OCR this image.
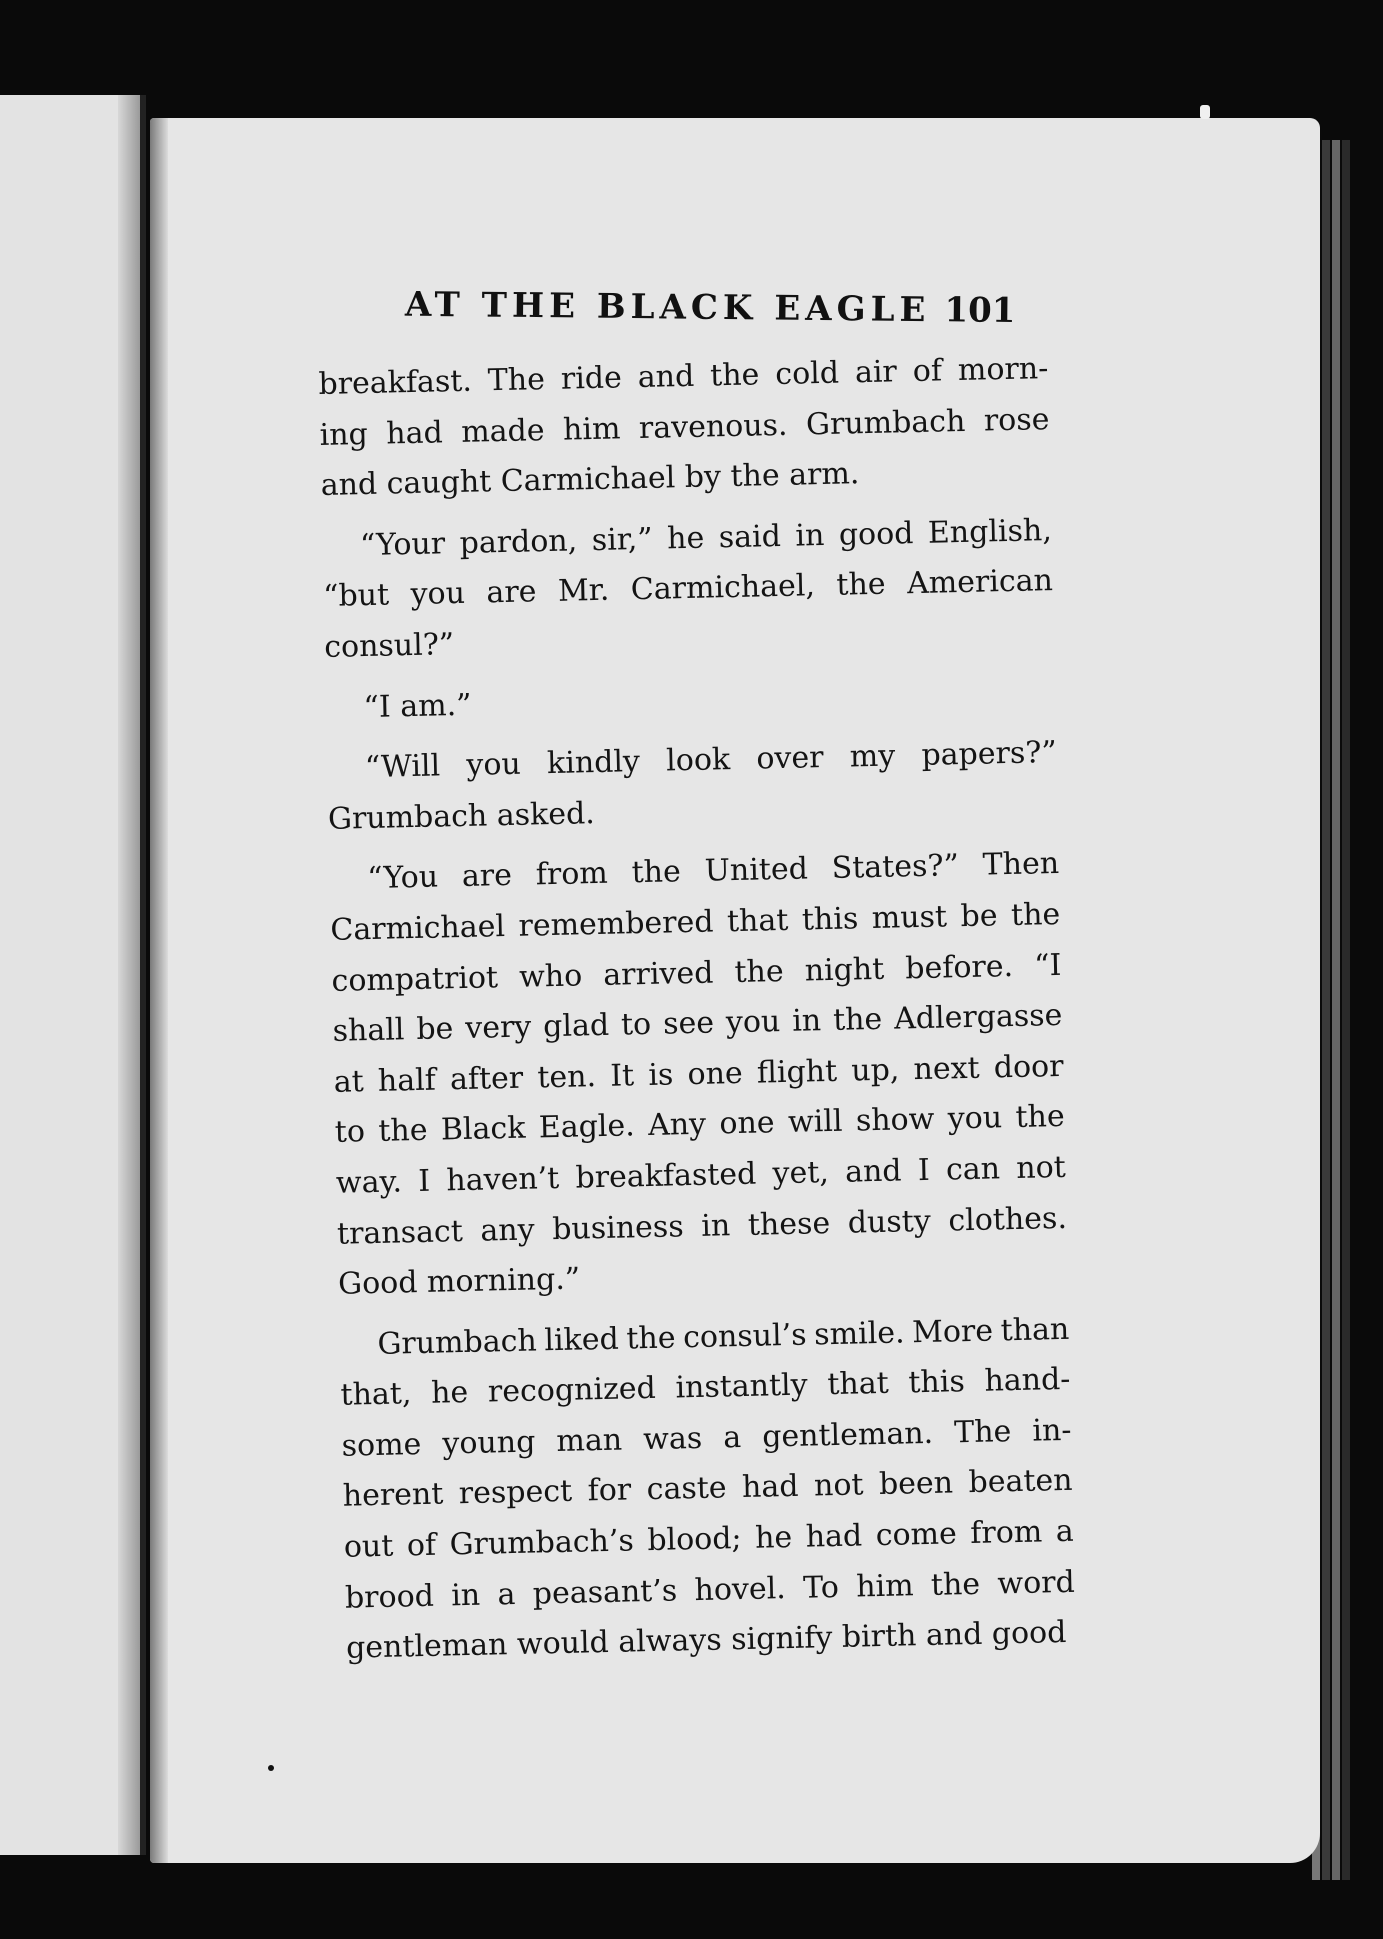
AT THE BLACK EAGLE 101
breakfast. The ride and the cold air of morn-
ing had made him ravenous. Grumbach rose
and caught Carmichael by the arm.
“Your pardon, sir,” he said in good English,
“but you are Mr. Carmichael, the American
consul?”
“I am.”
“Will you kindly look over my papers?”
Grumbach asked.
“You are from the United States?” Then
Carmichael remembered that this must be the
compatriot who arrived the night before. “I
shall be very glad to see you in the Adlergasse
at half after ten. It is one flight up, next door
to the Black Eagle. Any one will show you the
way. I haven’t breakfasted yet, and I can not
transact any business in these dusty clothes.
Good morning.”
Grumbach liked the consul’s smile. More than
that, he recognized instantly that this hand-
some young man was a gentleman. The in-
herent respect for caste had not been beaten
out of Grumbach’s blood; he had come from a
brood in a peasant’s hovel. To him the word
gentleman would always signify birth and good
